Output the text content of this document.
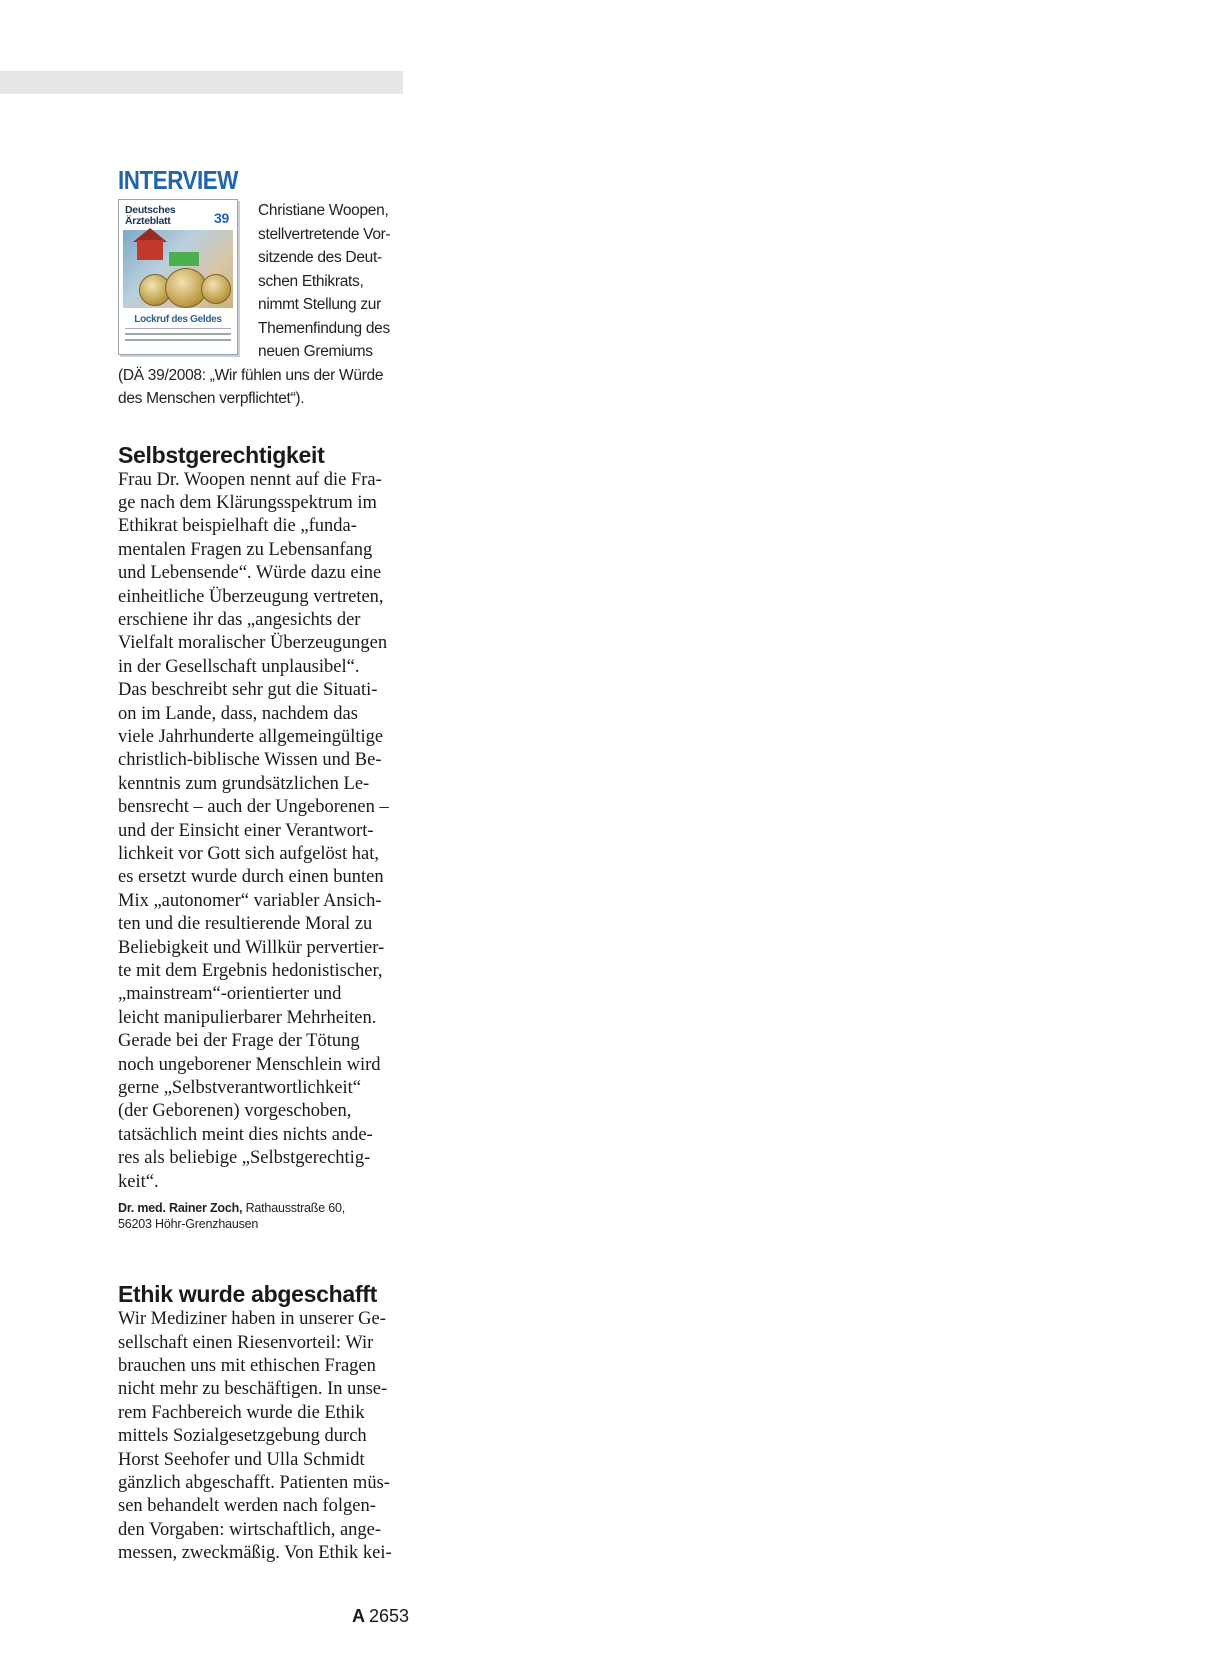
INTERVIEW
Deutsches
Ärzteblatt	39
Lockruf des Geldes
Christiane Woopen,
stellvertretende Vor-
sitzende des Deut-
schen Ethikrats,
nimmt Stellung zur
Themenfindung des
neuen Gremiums
(DÄ 39/2008: „Wir fühlen uns der Würde
des Menschen verpflichtet“).
Selbstgerechtigkeit

Frau Dr. Woopen nennt auf die Fra-
ge nach dem Klärungsspektrum im
Ethikrat beispielhaft die „funda-
mentalen Fragen zu Lebensanfang
und Lebensende“. Würde dazu eine
einheitliche Überzeugung vertreten,
erschiene ihr das „angesichts der
Vielfalt moralischer Überzeugungen
in der Gesellschaft unplausibel“.
Das beschreibt sehr gut die Situati-
on im Lande, dass, nachdem das
viele Jahrhunderte allgemeingültige
christlich-biblische Wissen und Be-
kenntnis zum grundsätzlichen Le-
bensrecht – auch der Ungeborenen –
und der Einsicht einer Verantwort-
lichkeit vor Gott sich aufgelöst hat,
es ersetzt wurde durch einen bunten
Mix „autonomer“ variabler Ansich-
ten und die resultierende Moral zu
Beliebigkeit und Willkür pervertier-
te mit dem Ergebnis hedonistischer,
„mainstream“-orientierter und
leicht manipulierbarer Mehrheiten.
Gerade bei der Frage der Tötung
noch ungeborener Menschlein wird
gerne „Selbstverantwortlichkeit“
(der Geborenen) vorgeschoben,
tatsächlich meint dies nichts ande-
res als beliebige „Selbstgerechtig-
keit“.

Dr. med. Rainer Zoch, Rathausstraße 60,
56203 Höhr-Grenzhausen
Ethik wurde abgeschafft

Wir Mediziner haben in unserer Ge-
sellschaft einen Riesenvorteil: Wir
brauchen uns mit ethischen Fragen
nicht mehr zu beschäftigen. In unse-
rem Fachbereich wurde die Ethik
mittels Sozialgesetzgebung durch
Horst Seehofer und Ulla Schmidt
gänzlich abgeschafft. Patienten müs-
sen behandelt werden nach folgen-
den Vorgaben: wirtschaftlich, ange-
messen, zweckmäßig. Von Ethik kei-

A 2653
